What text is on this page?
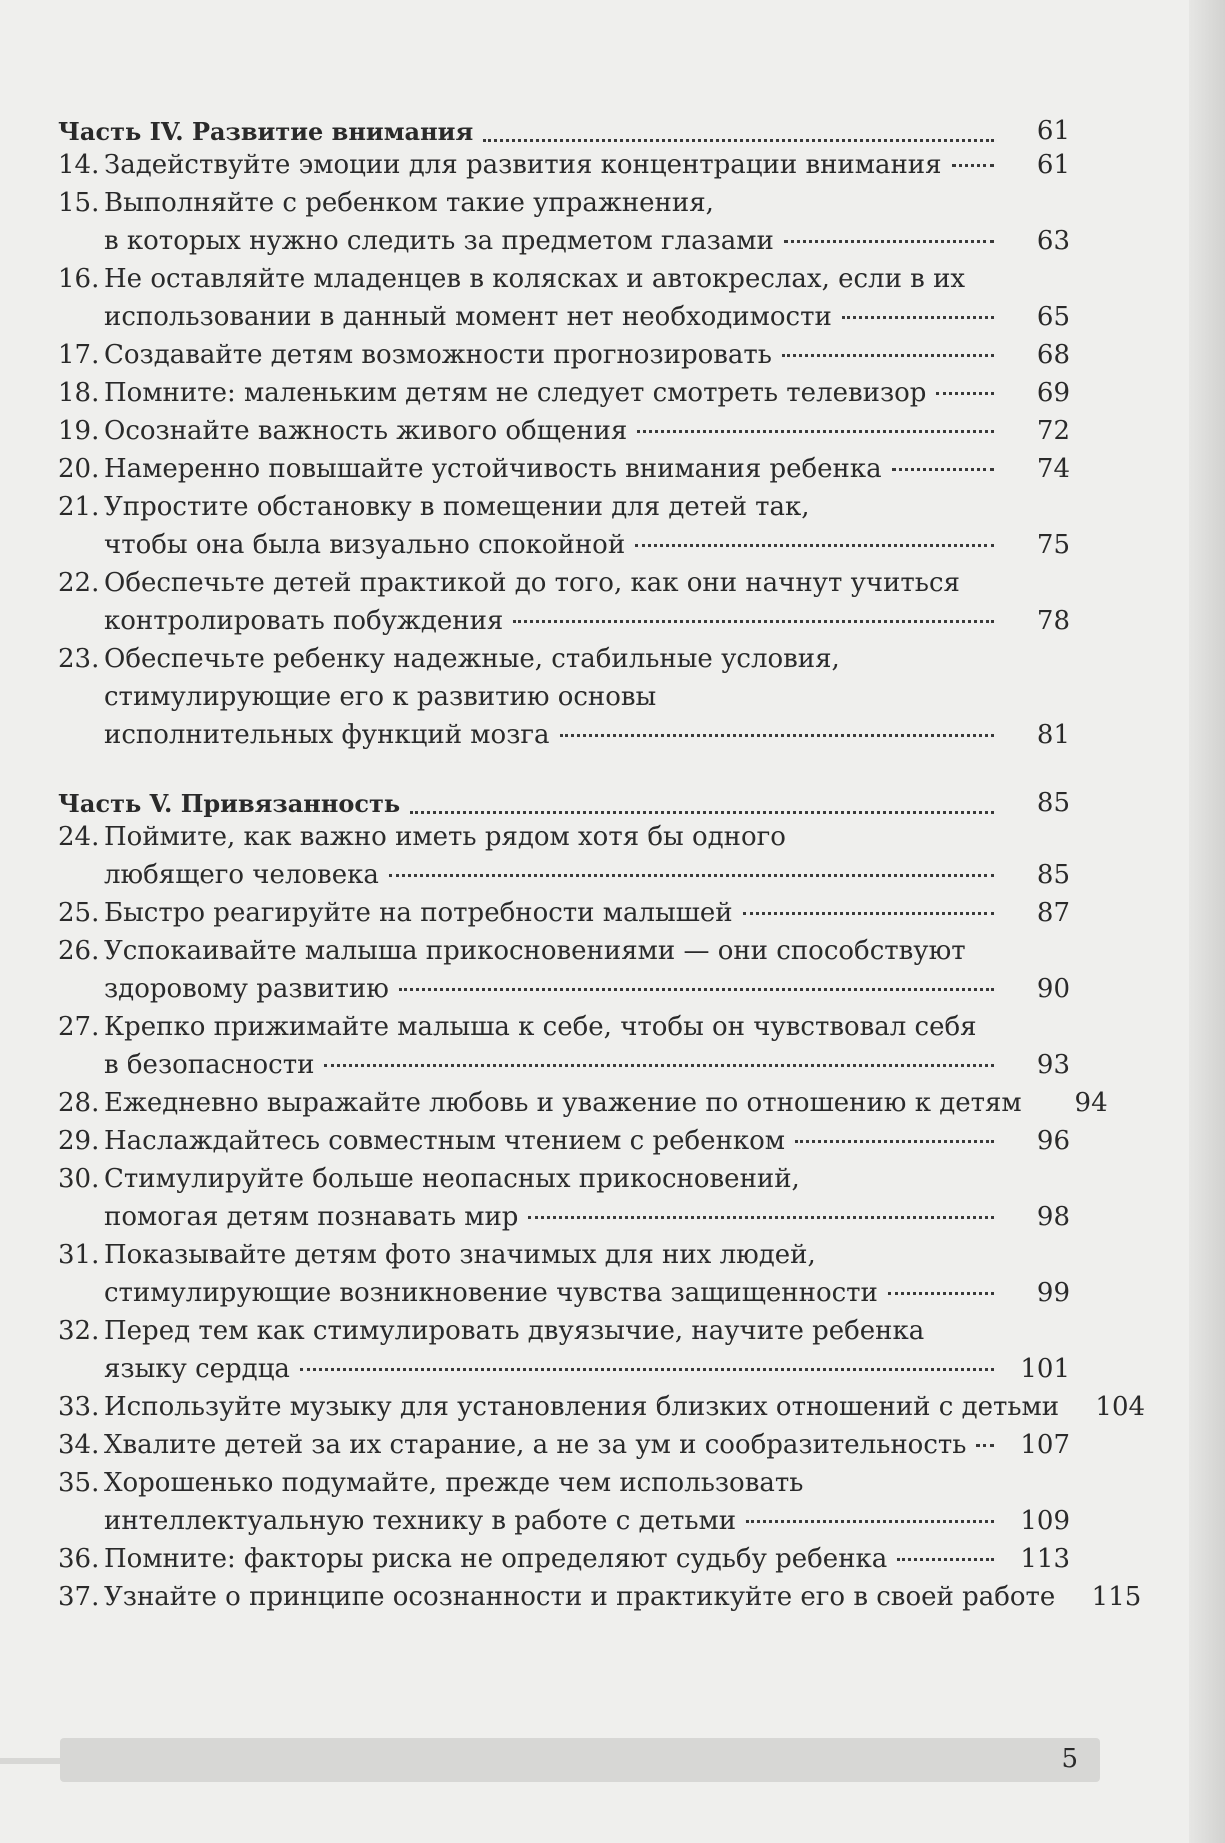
Часть IV. Развитие внимания	61
14. Задействуйте эмоции для развития концентрации внимания	61
15. Выполняйте с ребенком такие упражнения,
в которых нужно следить за предметом глазами	63
16. Не оставляйте младенцев в колясках и автокреслах, если в их
использовании в данный момент нет необходимости	65
17. Создавайте детям возможности прогнозировать	68
18. Помните: маленьким детям не следует смотреть телевизор	69
19. Осознайте важность живого общения	72
20. Намеренно повышайте устойчивость внимания ребенка	74
21. Упростите обстановку в помещении для детей так,
чтобы она была визуально спокойной	75
22. Обеспечьте детей практикой до того, как они начнут учиться
контролировать побуждения	78
23. Обеспечьте ребенку надежные, стабильные условия,
стимулирующие его к развитию основы
исполнительных функций мозга	81
Часть V. Привязанность	85
24. Поймите, как важно иметь рядом хотя бы одного
любящего человека	85
25. Быстро реагируйте на потребности малышей	87
26. Успокаивайте малыша прикосновениями — они способствуют
здоровому развитию	90
27. Крепко прижимайте малыша к себе, чтобы он чувствовал себя
в безопасности	93
28. Ежедневно выражайте любовь и уважение по отношению к детям	94
29. Наслаждайтесь совместным чтением с ребенком	96
30. Стимулируйте больше неопасных прикосновений,
помогая детям познавать мир	98
31. Показывайте детям фото значимых для них людей,
стимулирующие возникновение чувства защищенности	99
32. Перед тем как стимулировать двуязычие, научите ребенка
языку сердца	101
33. Используйте музыку для установления близких отношений с детьми	104
34. Хвалите детей за их старание, а не за ум и сообразительность	107
35. Хорошенько подумайте, прежде чем использовать
интеллектуальную технику в работе с детьми	109
36. Помните: факторы риска не определяют судьбу ребенка	113
37. Узнайте о принципе осознанности и практикуйте его в своей работе	115
5
